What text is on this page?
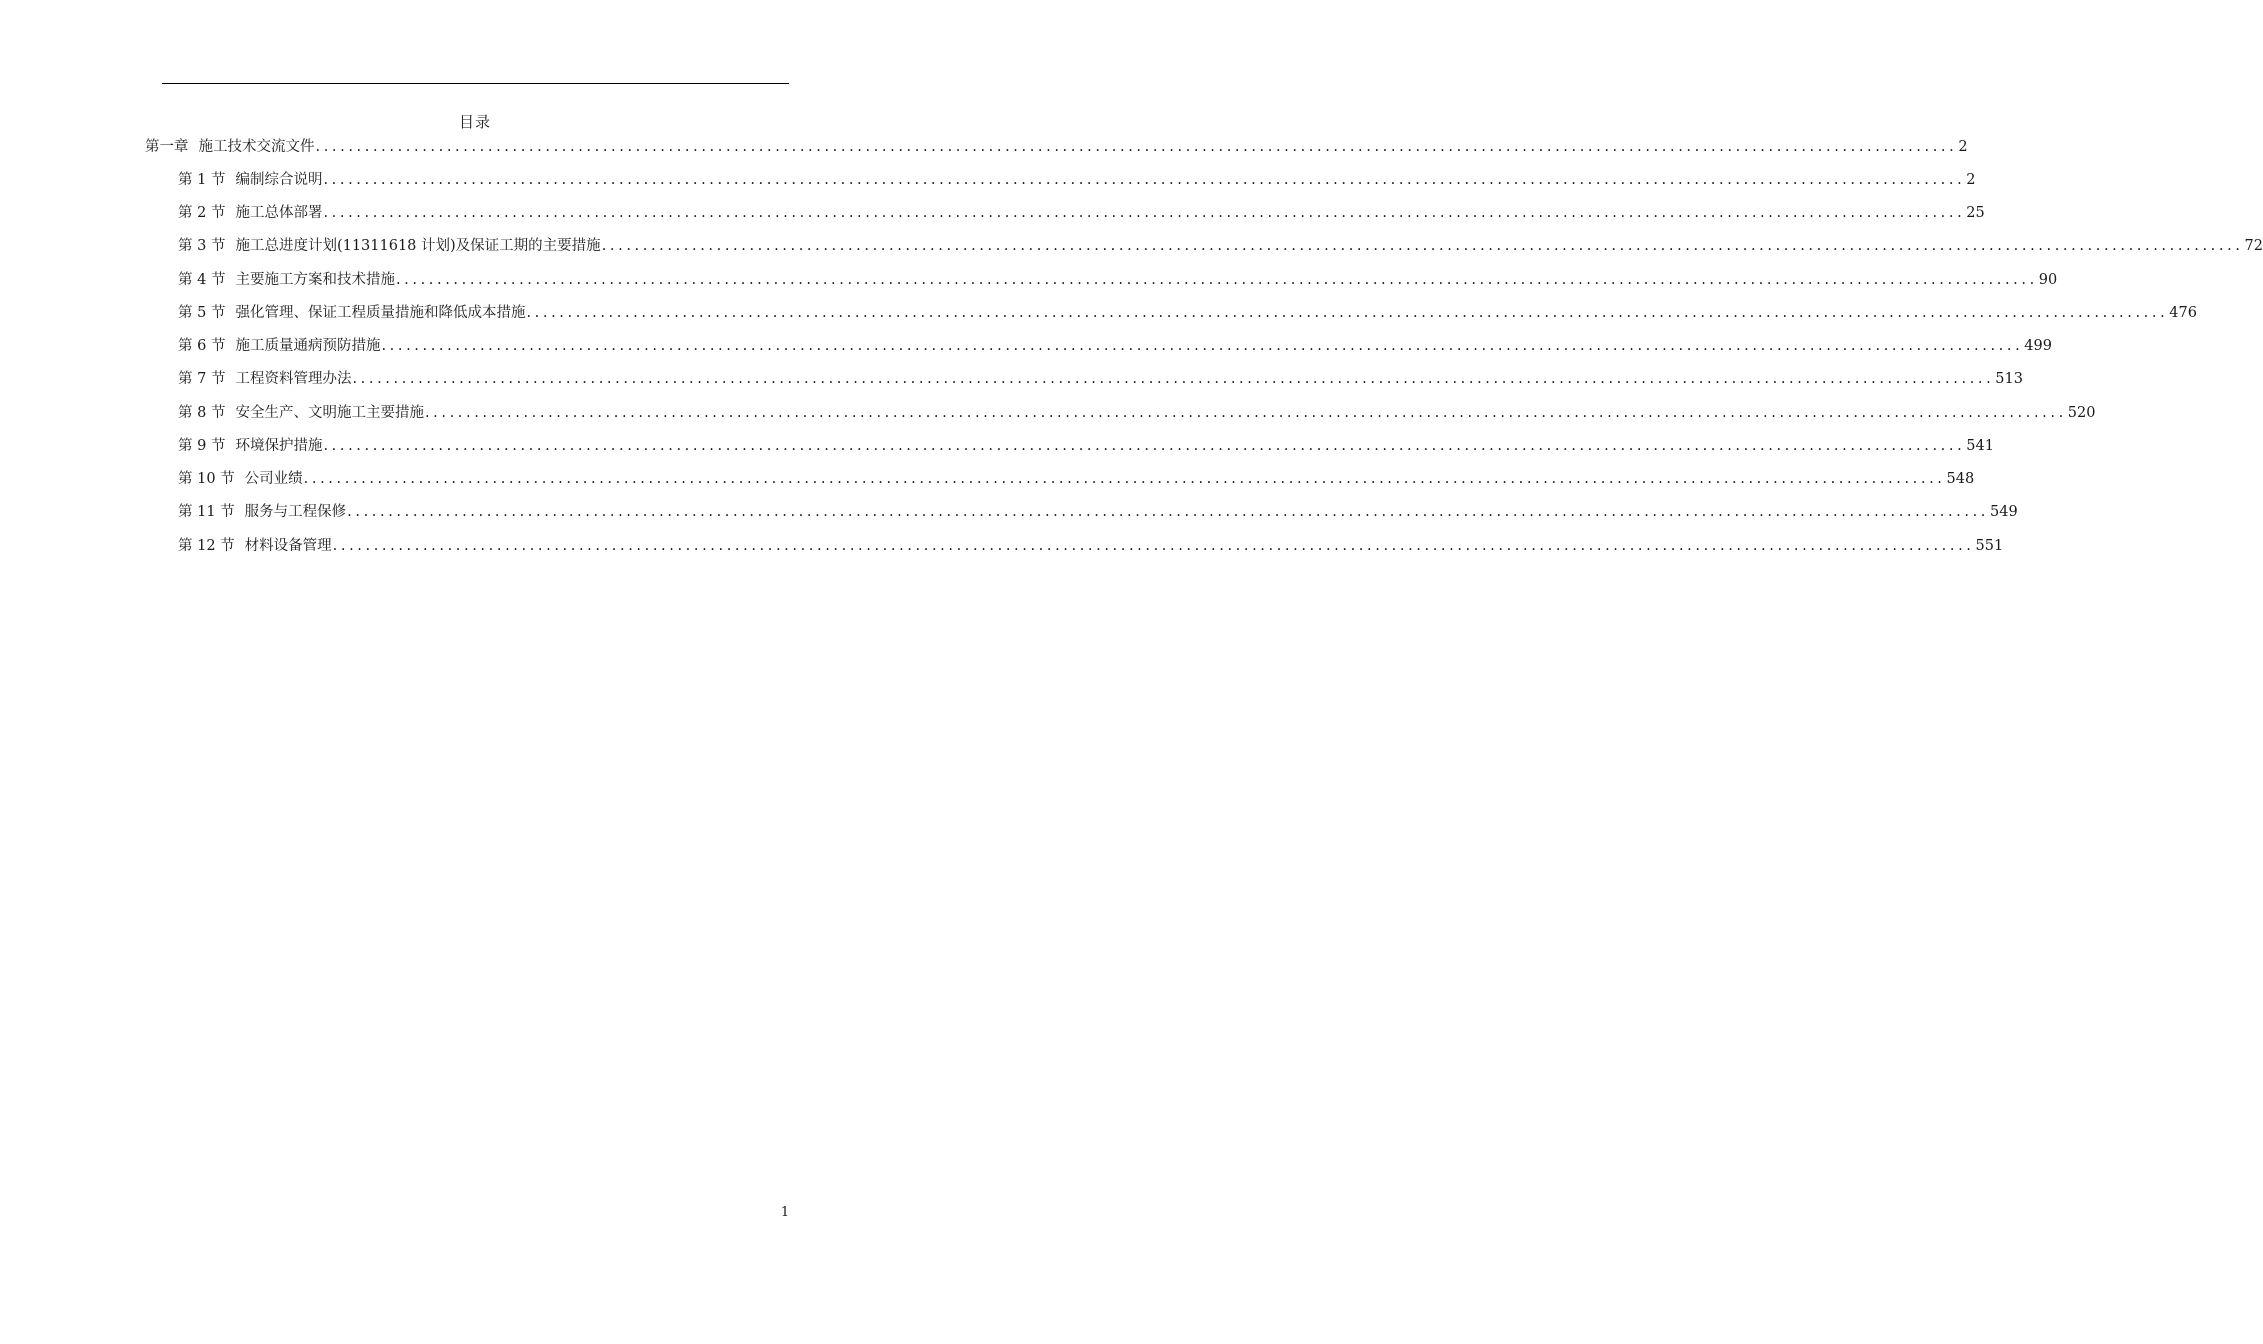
目录
第一章 施工技术交流文件 ........................................................................................................................................................................................................ 2
第 1 节 编制综合说明 ........................................................................................................................................................................................................ 2
第 2 节 施工总体部署 ........................................................................................................................................................................................................ 25
第 3 节 施工总进度计划(11311618 计划)及保证工期的主要措施 ........................................................................................................................................................................................................ 72
第 4 节 主要施工方案和技术措施 ........................................................................................................................................................................................................ 90
第 5 节 强化管理、保证工程质量措施和降低成本措施 ........................................................................................................................................................................................................ 476
第 6 节 施工质量通病预防措施 ........................................................................................................................................................................................................ 499
第 7 节 工程资料管理办法 ........................................................................................................................................................................................................ 513
第 8 节 安全生产、文明施工主要措施 ........................................................................................................................................................................................................ 520
第 9 节 环境保护措施 ........................................................................................................................................................................................................ 541
第 10 节 公司业绩 ........................................................................................................................................................................................................ 548
第 11 节 服务与工程保修 ........................................................................................................................................................................................................ 549
第 12 节 材料设备管理 ........................................................................................................................................................................................................ 551
1
